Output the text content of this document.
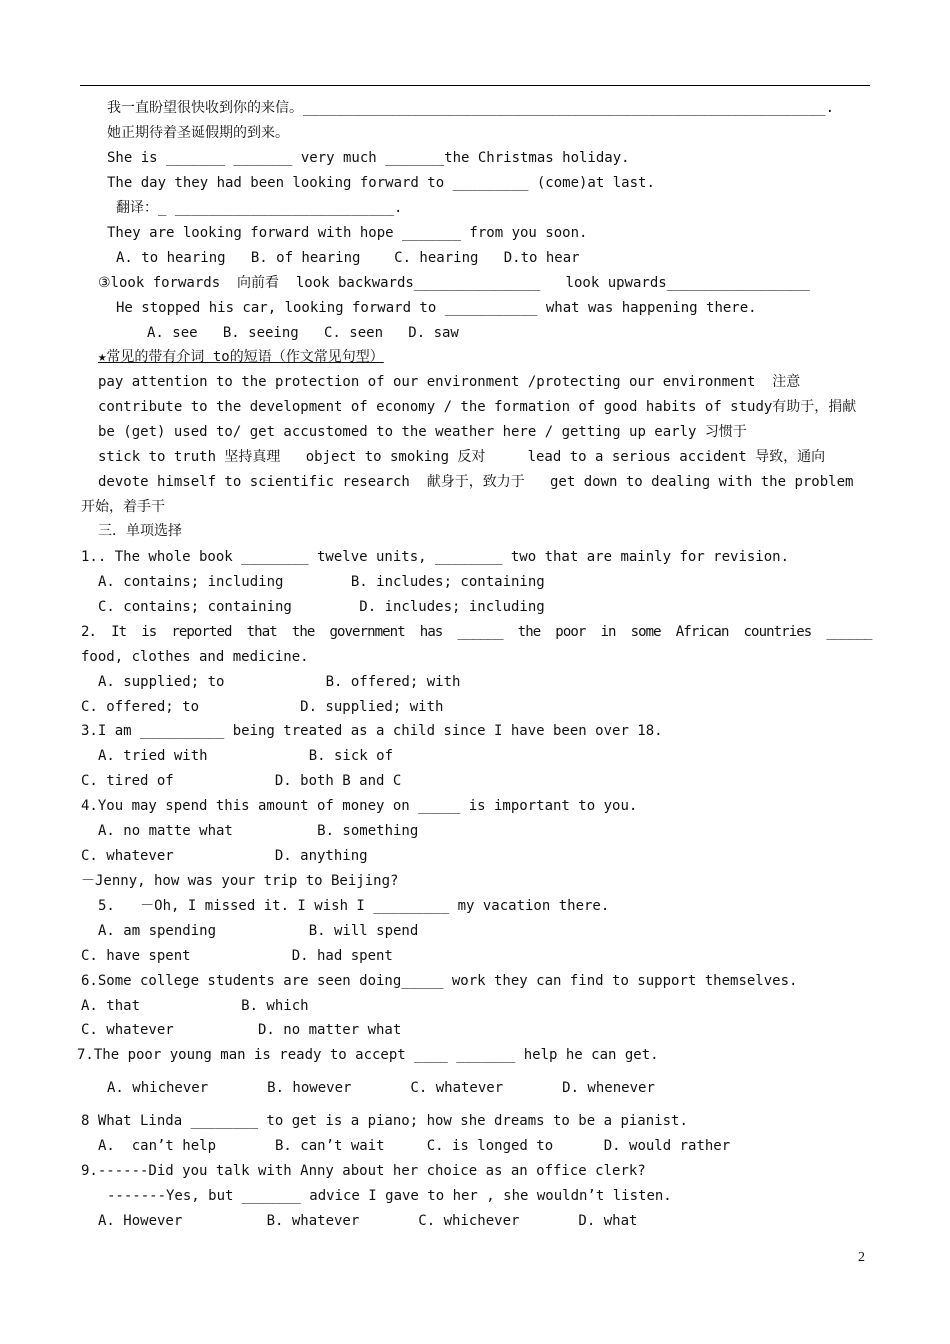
我一直盼望很快收到你的来信。______________________________________________________________.
她正期待着圣诞假期的到来。
She is _______ _______ very much _______the Christmas holiday.
The day they had been looking forward to _________ (come)at last.
翻译：_ __________________________.
They are looking forward with hope _______ from you soon.
A. to hearing   B. of hearing    C. hearing   D.to hear
③look forwards  向前看  look backwards_______________   look upwards_________________
He stopped his car, looking forward to ___________ what was happening there.
A. see   B. seeing   C. seen   D. saw
★常见的带有介词 to的短语（作文常见句型）
pay attention to the protection of our environment /protecting our environment  注意
contribute to the development of economy / the formation of good habits of study有助于，捐献
be (get) used to/ get accustomed to the weather here / getting up early 习惯于
stick to truth 坚持真理   object to smoking 反对     lead to a serious accident 导致，通向
devote himself to scientific research  献身于，致力于   get down to dealing with the problem
开始，着手干
三．单项选择
1.. The whole book ________ twelve units, ________ two that are mainly for revision.
A. contains; including        B. includes; containing
C. contains; containing        D. includes; including
2.  It  is  reported  that  the  government  has  ______  the  poor  in  some  African  countries  ______
food, clothes and medicine.
A. supplied; to            B. offered; with
C. offered; to            D. supplied; with
3.I am __________ being treated as a child since I have been over 18.
A. tried with            B. sick of
C. tired of            D. both B and C
4.You may spend this amount of money on _____ is important to you.
A. no matte what          B. something
C. whatever            D. anything
－Jenny, how was your trip to Beijing?
5.   －Oh, I missed it. I wish I _________ my vacation there.
A. am spending           B. will spend
C. have spent            D. had spent
6.Some college students are seen doing_____ work they can find to support themselves.
A. that            B. which
C. whatever          D. no matter what
7.The poor young man is ready to accept ____ _______ help he can get.
A. whichever       B. however       C. whatever       D. whenever
8 What Linda ________ to get is a piano; how she dreams to be a pianist.
A.  can’t help       B. can’t wait     C. is longed to      D. would rather
9.------Did you talk with Anny about her choice as an office clerk?
-------Yes, but _______ advice I gave to her , she wouldn’t listen.
A. However          B. whatever       C. whichever       D. what
2
